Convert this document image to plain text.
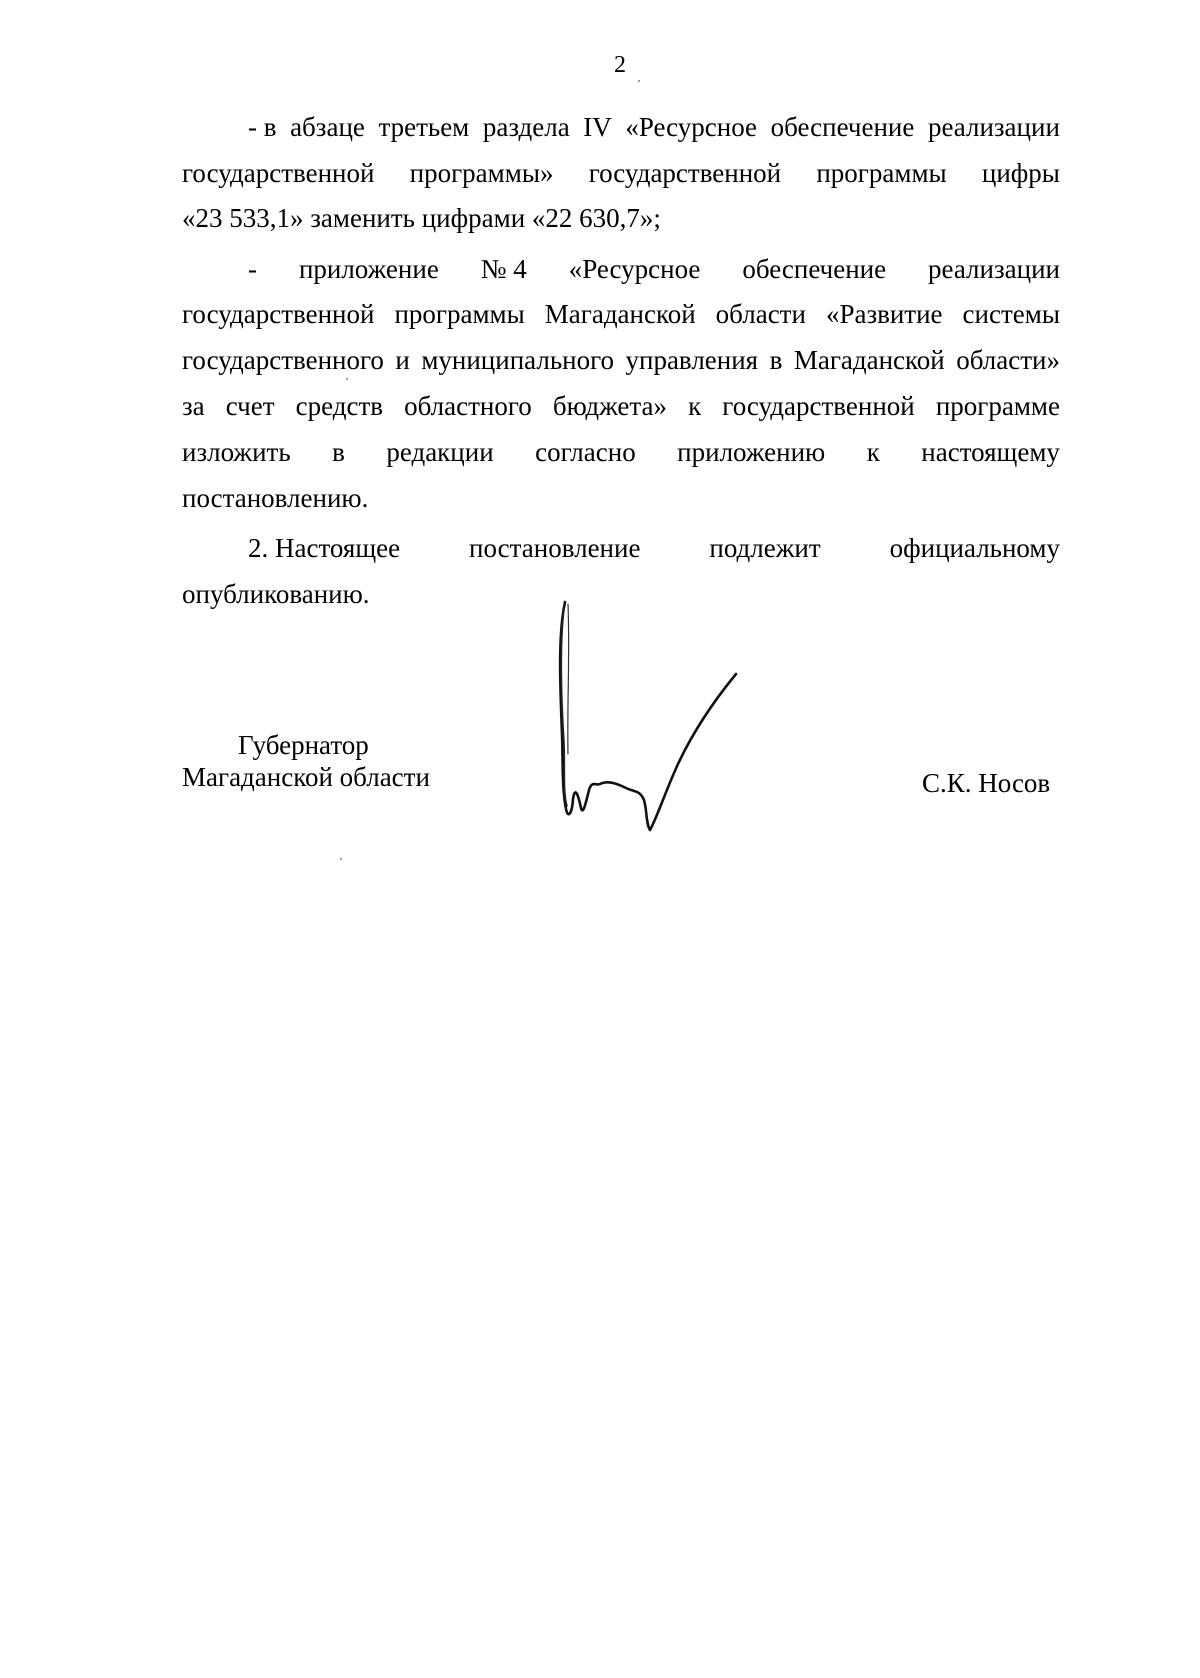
2
- в абзаце третьем раздела IV «Ресурсное обеспечение реализации
государственной программы» государственной программы цифры
«23 533,1» заменить цифрами «22 630,7»;
- приложение № 4 «Ресурсное обеспечение реализации
государственной программы Магаданской области «Развитие системы
государственного и муниципального управления в Магаданской области»
за счет средств областного бюджета» к государственной программе
изложить в редакции согласно приложению к настоящему
постановлению.
2. Настоящее	постановление	подлежит	официальному
опубликованию.
Губернатор
Магаданской области	С.К. Носов
